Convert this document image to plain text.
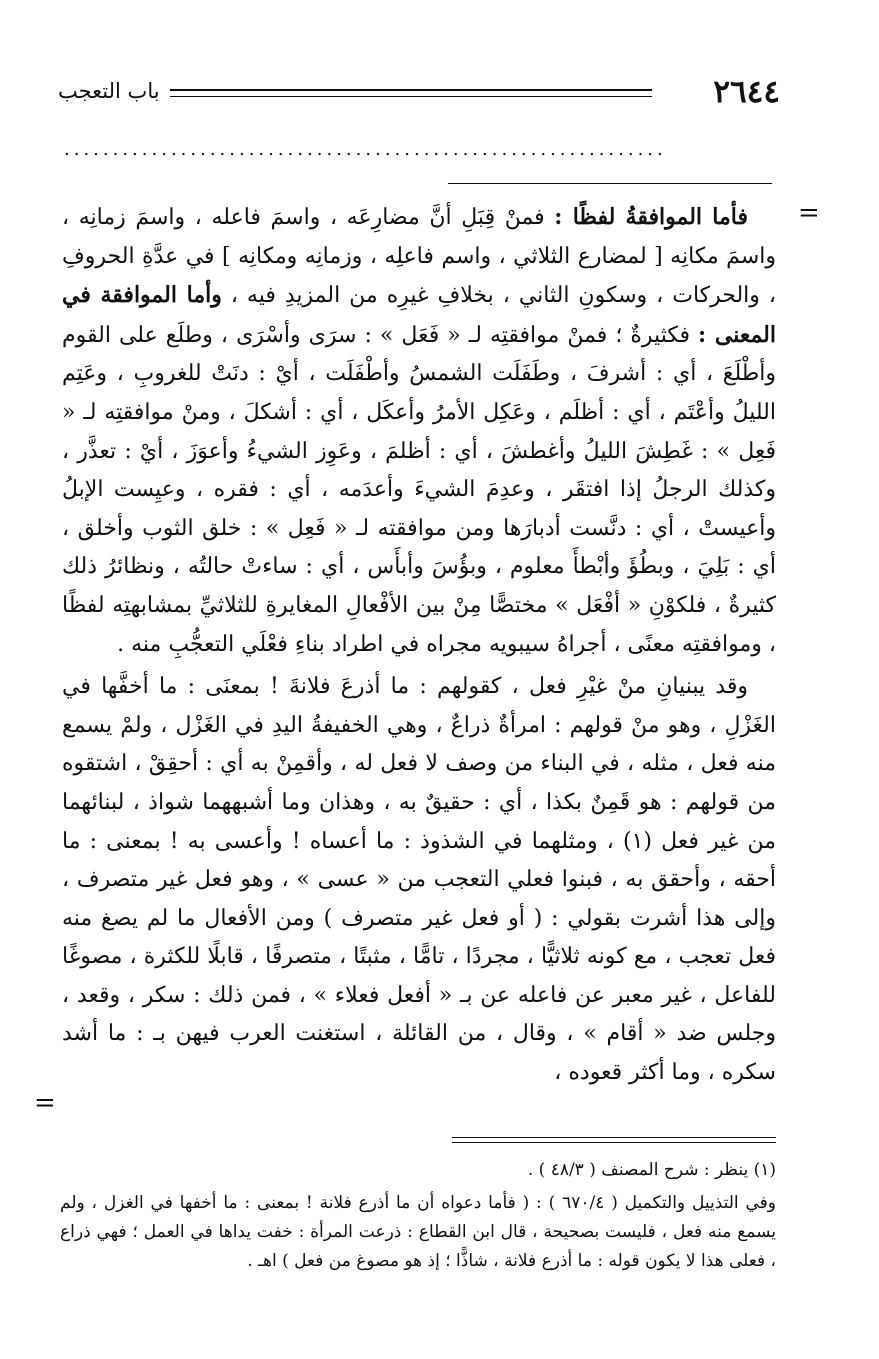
٢٦٤٤
باب التعجب
..............................................................
=

فأما الموافقةُ لفظًا : فمنْ قِبَلِ أنَّ مضارِعَه ، واسمَ فاعله ، واسمَ زمانِه ، واسمَ مكانِه [ لمضارع الثلاثي ، واسم فاعلِه ، وزمانِه ومكانِه ] في عدَّةِ الحروفِ ، والحركات ، وسكونِ الثاني ، بخلافِ غيرِه من المزيدِ فيه ، وأما الموافقة في المعنى : فكثيرةٌ ؛ فمنْ موافقتِه لـ « فَعَل » : سرَى وأسْرَى ، وطلَع على القوم وأطْلَعَ ، أي : أشرفَ ، وطَفَلَت الشمسُ وأطْفَلَت ، أيْ : دنَتْ للغروبِ ، وعَتِم الليلُ وأعْتَم ، أي : أظلَم ، وعَكِل الأمرُ وأعكَل ، أي : أشكلَ ، ومنْ موافقتِه لـ « فَعِل » : غَطِشَ الليلُ وأغطشَ ، أي : أظلمَ ، وعَوِز الشيءُ وأعوَزَ ، أيْ : تعذَّر ، وكذلك الرجلُ إذا افتقَر ، وعدِمَ الشيءَ وأعدَمه ، أي : فقره ، وعيِست الإبلُ وأعيستْ ، أي : دنَّست أدبارَها ومن موافقته لـ « فَعِل » : خلق الثوب وأخلق ، أي : بَلِيَ ، وبطُؤَ وأبْطأَ معلوم ، وبؤُسَ وأبأَس ، أي : ساءتْ حالتُه ، ونظائرُ ذلك كثيرةٌ ، فلكوْنِ « أفْعَل » مختصًّا مِنْ بين الأفْعالِ المغايرةِ للثلاثيِّ بمشابهتِه لفظًا ، وموافقتِه معنًى ، أجراهُ سيبويه مجراه في اطراد بناءِ فعْلَي التعجُّبِ منه .

وقد يبنيانِ منْ غيْرِ فعل ، كقولهم : ما أذرعَ فلانةَ ! بمعنَى : ما أخفَّها في الغَزْلِ ، وهو منْ قولهم : امرأةٌ ذراعٌ ، وهي الخفيفةُ اليدِ في الغَزْل ، ولمْ يسمع منه فعل ، مثله ، في البناء من وصف لا فعل له ، وأقمِنْ به أي : أحقِقْ ، اشتقوه من قولهم : هو قَمِنٌ بكذا ، أي : حقيقٌ به ، وهذان وما أشبههما شواذ ، لبنائهما من غير فعل (١) ، ومثلهما في الشذوذ : ما أعساه ! وأعسى به ! بمعنى : ما أحقه ، وأحقق به ، فبنوا فعلي التعجب من « عسى » ، وهو فعل غير متصرف ، وإلى هذا أشرت بقولي : ( أو فعل غير متصرف ) ومن الأفعال ما لم يصغ منه فعل تعجب ، مع كونه ثلاثيًّا ، مجردًا ، تامًّا ، مثبتًا ، متصرفًا ، قابلًا للكثرة ، مصوغًا للفاعل ، غير معبر عن فاعله عن بـ « أفعل فعلاء » ، فمن ذلك : سكر ، وقعد ، وجلس ضد « أقام » ، وقال ، من القائلة ، استغنت العرب فيهن بـ : ما أشد سكره ، وما أكثر قعوده ،

=

(١) ينظر : شرح المصنف ( ٤٨/٣ ) .

وفي التذييل والتكميل ( ٦٧٠/٤ ) : ( فأما دعواه أن ما أذرع فلانة ! بمعنى : ما أخفها في الغزل ، ولم يسمع منه فعل ، فليست بصحيحة ، قال ابن القطاع : ذرعت المرأة : خفت يداها في العمل ؛ فهي ذراع ، فعلى هذا لا يكون قوله : ما أذرع فلانة ، شاذًّا ؛ إذ هو مصوغ من فعل ) اهـ .
